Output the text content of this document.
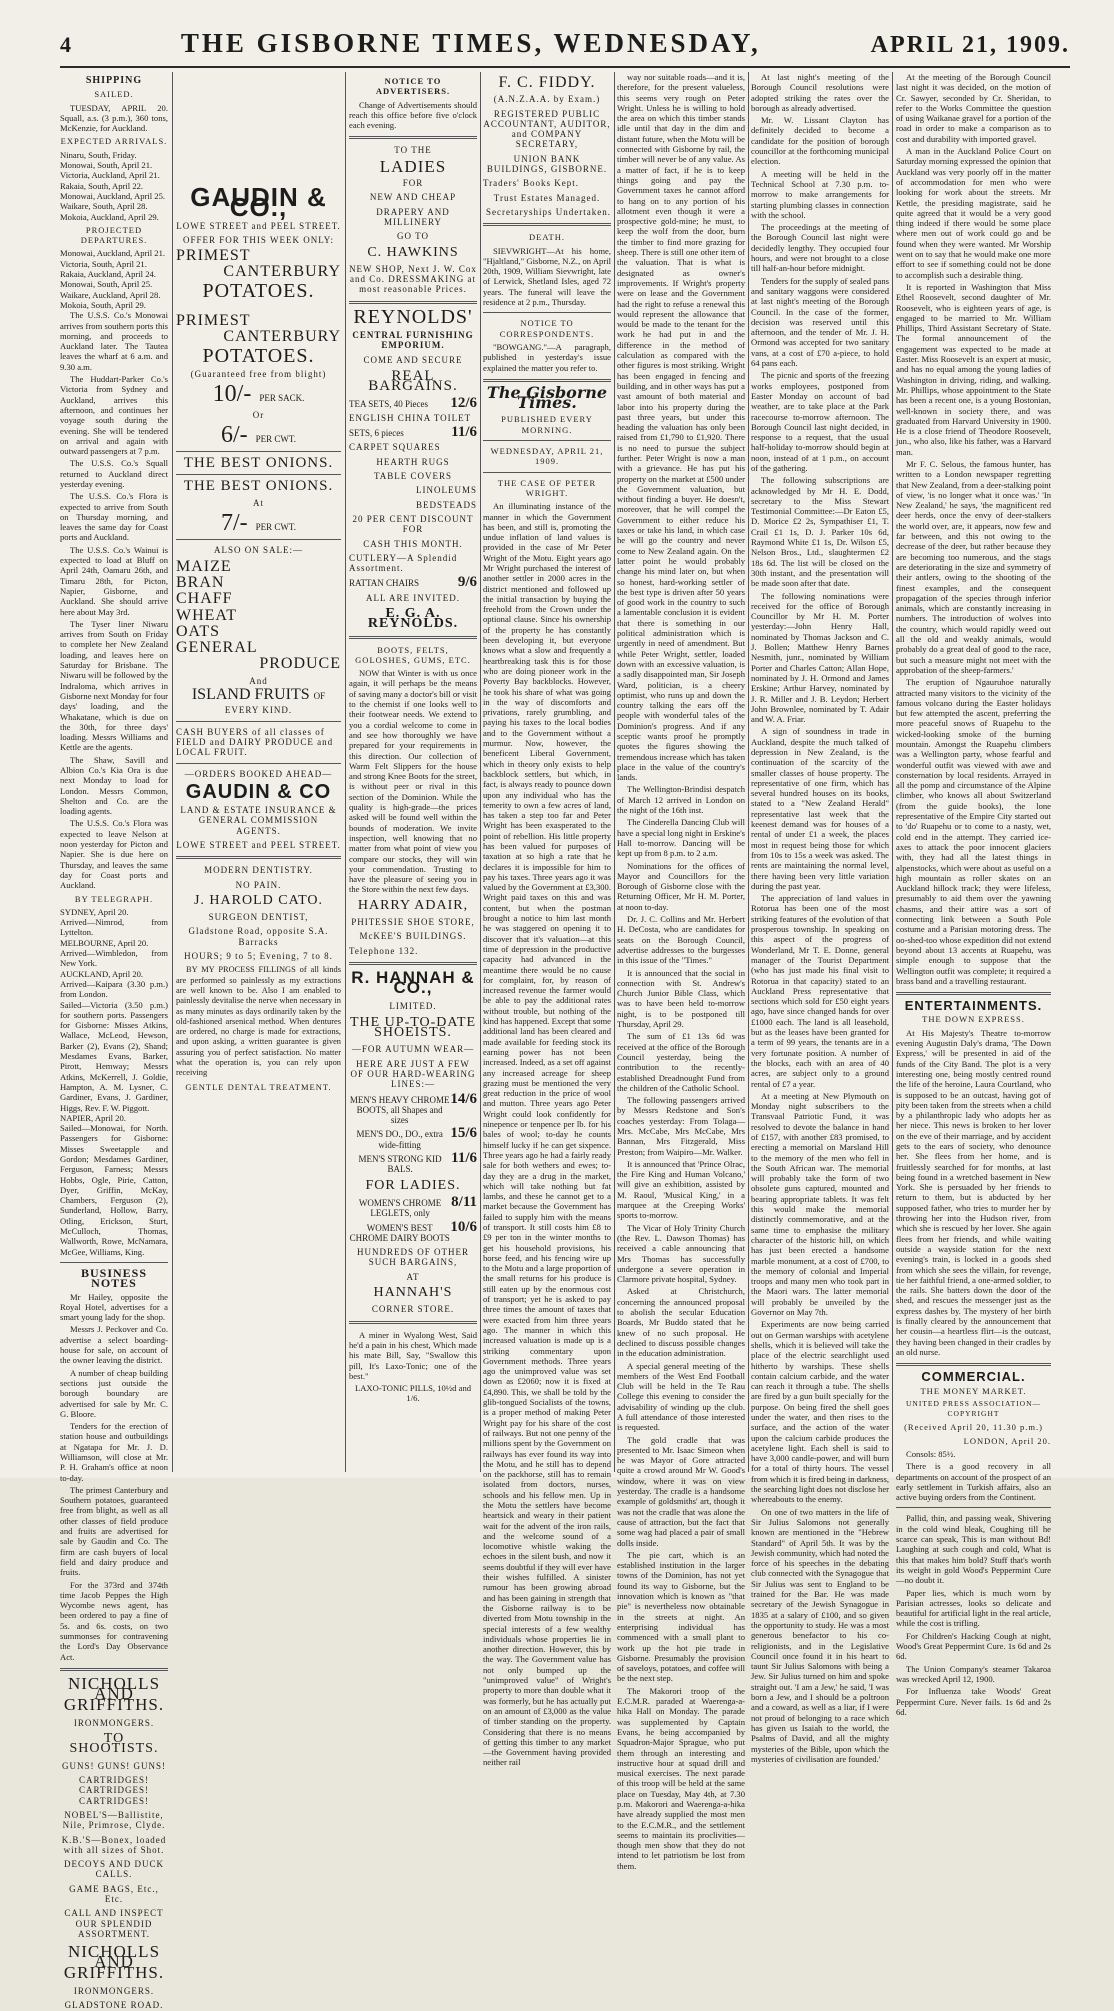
4	THE GISBORNE TIMES, WEDNESDAY,	APRIL 21, 1909.
SHIPPING
SAILED.

TUESDAY, APRIL 20. Squall, a.s. (3 p.m.), 360 tons, McKenzie, for Auckland.

EXPECTED ARRIVALS.
Ninaru, South, Friday.
Monowai, South, April 21.
Victoria, Auckland, April 21.
Rakaia, South, April 22.
Monowai, Auckland, April 25.
Waikare, South, April 28.
Mokoia, Auckland, April 29.
PROJECTED DEPARTURES.
Monowai, Auckland, April 21.
Victoria, South, April 21.
Rakaia, Auckland, April 24.
Monowai, South, April 25.
Waikare, Auckland, April 28.
Mokoia, South, April 29.

The U.S.S. Co.'s Monowai arrives from southern ports this morning, and proceeds to Auckland later. The Tautea leaves the wharf at 6 a.m. and 9.30 a.m.

The Huddart-Parker Co.'s Victoria from Sydney and Auckland, arrives this afternoon, and continues her voyage south during the evening. She will be tendered on arrival and again with outward passengers at 7 p.m.

The U.S.S. Co.'s Squall returned to Auckland direct yesterday evening.

The U.S.S. Co.'s Flora is expected to arrive from South on Thursday morning, and leaves the same day for Coast ports and Auckland.

The U.S.S. Co.'s Wainui is expected to load at Bluff on April 24th, Oamaru 26th, and Timaru 28th, for Picton, Napier, Gisborne, and Auckland. She should arrive here about May 3rd.

The Tyser liner Niwaru arrives from South on Friday to complete her New Zealand loading, and leaves here on Saturday for Brisbane. The Niwaru will be followed by the Indraloma, which arrives in Gisborne next Monday for four days' loading, and the Whakatane, which is due on the 30th, for three days' loading. Messrs Williams and Kettle are the agents.

The Shaw, Savill and Albion Co.'s Kia Ora is due next Monday to load for London. Messrs Common, Shelton and Co. are the loading agents.

The U.S.S. Co.'s Flora was expected to leave Nelson at noon yesterday for Picton and Napier. She is due here on Thursday, and leaves the same day for Coast ports and Auckland.

BY TELEGRAPH.
SYDNEY, April 20.
Arrived—Nimrod, from Lyttelton.
MELBOURNE, April 20.
Arrived—Wimbledon, from New York.
AUCKLAND, April 20.
Arrived—Kaipara (3.30 p.m.) from London.
Sailed—Victoria (3.50 p.m.) for southern ports. Passengers for Gisborne: Misses Atkins, Wallace, McLeod, Hewson, Barker (2), Evans (2), Shand; Mesdames Evans, Barker, Pirott, Hemway; Messrs Atkins, McKerrell, J. Goldie, Hampton, A. M. Lysner, C. Gardiner, Evans, J. Gardiner, Higgs, Rev. F. W. Piggott.
NAPIER, April 20.
Sailed—Monowai, for North. Passengers for Gisborne: Misses Sweetapple and Gordon; Mesdames Gardiner, Ferguson, Farness; Messrs Hobbs, Ogle, Pirie, Catton, Dyer, Griffin, McKay, Chambers, Ferguson (2), Sunderland, Hollow, Barry, Otling, Erickson, Sturt, McCulloch, Thomas, Wallworth, Rowe, McNamara, McGee, Williams, King.
BUSINESS NOTES

Mr Hailey, opposite the Royal Hotel, advertises for a smart young lady for the shop.

Messrs J. Peckover and Co. advertise a select boarding-house for sale, on account of the owner leaving the district.

A number of cheap building sections just outside the borough boundary are advertised for sale by Mr. C. G. Bloore.

Tenders for the erection of station house and outbuildings at Ngatapa for Mr. J. D. Williamson, will close at Mr. P. H. Graham's office at noon to-day.

The primest Canterbury and Southern potatoes, guaranteed free from blight, as well as all other classes of field produce and fruits are advertised for sale by Gaudin and Co. The firm are cash buyers of local field and dairy produce and fruits.

For the 373rd and 374th time Jacob Peppes the High Wycombe news agent, has been ordered to pay a fine of 5s. and 6s. costs, on two summonses for contravening the Lord's Day Observance Act.

NICHOLLS AND GRIFFITHS.
IRONMONGERS.
TO SHOOTISTS.
GUNS! GUNS! GUNS!
CARTRIDGES! CARTRIDGES! CARTRIDGES!
NOBEL'S—Ballistite, Nile, Primrose, Clyde.
K.B.'S—Bonex, loaded with all sizes of Shot.
DECOYS AND DUCK CALLS.
GAME BAGS, Etc., Etc.
CALL AND INSPECT OUR SPLENDID ASSORTMENT.
NICHOLLS AND GRIFFITHS.
IRONMONGERS.
GLADSTONE ROAD.
GAUDIN & CO.,
LOWE STREET and PEEL STREET.
OFFER FOR THIS WEEK ONLY:
PRIMEST
CANTERBURY
POTATOES.
PRIMEST
CANTERBURY
POTATOES.
(Guaranteed free from blight)
10/- PER SACK.
Or
6/- PER CWT.
THE BEST ONIONS.
THE BEST ONIONS.
At
7/- PER CWT.
ALSO ON SALE:—
MAIZE
BRAN
CHAFF
WHEAT
OATS
GENERAL
PRODUCE
And
ISLAND FRUITS OF
EVERY KIND.
CASH BUYERS of all classes of FIELD and DAIRY PRODUCE and LOCAL FRUIT.
—ORDERS BOOKED AHEAD—
GAUDIN & CO
LAND & ESTATE INSURANCE & GENERAL COMMISSION AGENTS.
LOWE STREET and PEEL STREET.
MODERN DENTISTRY.
NO PAIN.
J. HAROLD CATO.
SURGEON DENTIST,
Gladstone Road, opposite S.A. Barracks
HOURS; 9 to 5; Evening, 7 to 8.

BY MY PROCESS FILLINGS of all kinds are performed so painlessly as my extractions are well known to be. Also I am enabled to painlessly devitalise the nerve when necessary in as many minutes as days ordinarily taken by the old-fashioned arsenical method. When dentures are ordered, no charge is made for extractions, and upon asking, a written guarantee is given assuring you of perfect satisfaction. No matter what the operation is, you can rely upon receiving

GENTLE DENTAL TREATMENT.
NOTICE TO ADVERTISERS.

Change of Advertisements should reach this office before five o'clock each evening.

TO THE
LADIES
FOR
NEW AND CHEAP
DRAPERY AND MILLINERY
GO TO
C. HAWKINS
NEW SHOP, Next J. W. Cox and Co. DRESSMAKING at most reasonable Prices.
REYNOLDS'
CENTRAL FURNISHING EMPORIUM.
COME AND SECURE
REAL BARGAINS.
TEA SETS, 40 Pieces 12/6
ENGLISH CHINA TOILET
SETS, 6 pieces	11/6
CARPET SQUARES
HEARTH RUGS
TABLE COVERS
LINOLEUMS
BEDSTEADS
20 PER CENT DISCOUNT FOR
CASH THIS MONTH.
CUTLERY—A Splendid Assortment.
RATTAN CHAIRS	9/6
ALL ARE INVITED.
E. G. A. REYNOLDS.
BOOTS, FELTS, GOLOSHES, GUMS, ETC.

NOW that Winter is with us once again, it will perhaps be the means of saving many a doctor's bill or visit to the chemist if one looks well to their footwear needs. We extend to you a cordial welcome to come in and see how thoroughly we have prepared for your requirements in this direction. Our collection of Warm Felt Slippers for the house and strong Knee Boots for the street, is without peer or rival in this section of the Dominion. While the quality is high-grade—the prices asked will be found well within the bounds of moderation. We invite inspection, well knowing that no matter from what point of view you compare our stocks, they will win your commendation. Trusting to have the pleasure of seeing you in the Store within the next few days.

HARRY ADAIR,
PHITESSIE SHOE STORE,
McKEE'S BUILDINGS.
Telephone 132.
R. HANNAH & CO.,
LIMITED.
THE UP-TO-DATE SHOEISTS.
—FOR AUTUMN WEAR—
HERE ARE JUST A FEW OF OUR HARD-WEARING LINES:—
MEN'S HEAVY CHROME BOOTS, all Shapes and sizes
14/6
MEN'S DO., DO., extra wide-fitting
15/6
MEN'S STRONG KID BALS.
11/6
FOR LADIES.
WOMEN'S CHROME LEGLETS, only
8/11
WOMEN'S BEST CHROME DAIRY BOOTS
10/6
HUNDREDS OF OTHER SUCH BARGAINS,
AT
HANNAH'S
CORNER STORE.

A miner in Wyalong West, Said he'd a pain in his chest, Which made his mate Bill, Say, "Swallow this pill, It's Laxo-Tonic; one of the best."

LAXO-TONIC PILLS, 10½d and 1/6.
F. C. FIDDY.
(A.N.Z.A.A. by Exam.)
REGISTERED PUBLIC ACCOUNTANT, AUDITOR, and COMPANY SECRETARY,
UNION BANK BUILDINGS, GISBORNE.
Traders' Books Kept.
Trust Estates Managed.
Secretaryships Undertaken.
DEATH.

SIEVWRIGHT—At his home, "Hjaltland," Gisborne, N.Z., on April 20th, 1909, William Sievwright, late of Lerwick, Shetland Isles, aged 72 years. The funeral will leave the residence at 2 p.m., Thursday.

NOTICE TO CORRESPONDENTS.

"BOWGANG."—A paragraph, published in yesterday's issue explained the matter you refer to.

The Gisborne Times.
PUBLISHED EVERY MORNING.
WEDNESDAY, APRIL 21, 1909.
THE CASE OF PETER WRIGHT.

An illuminating instance of the manner in which the Government has been, and still is, promoting the undue inflation of land values is provided in the case of Mr Peter Wright of the Motu. Eight years ago Mr Wright purchased the interest of another settler in 2000 acres in the district mentioned and followed up the initial transaction by buying the freehold from the Crown under the optional clause. Since his ownership of the property he has constantly been developing it, but everyone knows what a slow and frequently a heartbreaking task this is for those who are doing pioneer work in the Poverty Bay backblocks. However, he took his share of what was going in the way of discomforts and privations, rarely grumbling, and paying his taxes to the local bodies and to the Government without a murmur. Now, however, the beneficent Liberal Government, which in theory only exists to help backblock settlers, but which, in fact, is always ready to pounce down upon any individual who has the temerity to own a few acres of land, has taken a step too far and Peter Wright has been exasperated to the point of rebellion. His little property has been valued for purposes of taxation at so high a rate that he declares it is impossible for him to pay his taxes. Three years ago it was valued by the Government at £3,300. Wright paid taxes on this and was content, but when the postman brought a notice to him last month he was staggered on opening it to discover that it's valuation—at this time of depression in the productive capacity had advanced in the meantime there would be no cause for complaint, for, by reason of increased revenue the farmer would be able to pay the additional rates without trouble, but nothing of the kind has happened. Except that some additional land has been cleared and made available for feeding stock its earning power has not been increased. Indeed, as a set off against any increased acreage for sheep grazing must be mentioned the very great reduction in the price of wool and mutton. Three years ago Peter Wright could look confidently for ninepence or tenpence per lb. for his bales of wool; to-day he counts himself lucky if he can get sixpence. Three years ago he had a fairly ready sale for both wethers and ewes; to-day they are a drug in the market, which will take nothing but fat lambs, and these he cannot get to a market because the Government has failed to supply him with the means of transport. It still costs him £8 to £9 per ton in the winter months to get his household provisions, his horse feed, and his fencing wire up to the Motu and a large proportion of the small returns for his produce is still eaten up by the enormous cost of transport; yet he is asked to pay three times the amount of taxes that were exacted from him three years ago. The manner in which this increased valuation is made up is a striking commentary upon Government methods. Three years ago the unimproved value was set down as £2060; now it is fixed at £4,890. This, we shall be told by the glib-tongued Socialists of the towns, is a proper method of making Peter Wright pay for his share of the cost of railways. But not one penny of the millions spent by the Government on railways has ever found its way into the Motu, and he still has to depend on the packhorse, still has to remain isolated from doctors, nurses, schools and his fellow men. Up in the Motu the settlers have become heartsick and weary in their patient wait for the advent of the iron rails, and the welcome sound of a locomotive whistle waking the echoes in the silent bush, and now it seems doubtful if they will ever have their wishes fulfilled. A sinister rumour has been growing abroad and has been gaining in strength that the Gisborne railway is to be diverted from Motu township in the special interests of a few wealthy individuals whose properties lie in another direction. However, this by the way. The Government value has not only bumped up the "unimproved value" of Wright's property to more than double what it was formerly, but he has actually put on an amount of £3,000 as the value of timber standing on the property. Considering that there is no means of getting this timber to any market—the Government having provided neither rail

way nor suitable roads—and it is, therefore, for the present valueless, this seems very rough on Peter Wright. Unless he is willing to hold the area on which this timber stands idle until that day in the dim and distant future, when the Motu will be connected with Gisborne by rail, the timber will never be of any value. As a matter of fact, if he is to keep things going and pay the Government taxes he cannot afford to hang on to any portion of his allotment even though it were a prospective gold-mine; he must, to keep the wolf from the door, burn the timber to find more grazing for sheep. There is still one other item of the valuation. That is what is designated as owner's improvements. If Wright's property were on lease and the Government had the right to refuse a renewal this would represent the allowance that would be made to the tenant for the work he had put in and the difference in the method of calculation as compared with the other figures is most striking. Wright has been engaged in fencing and building, and in other ways has put a vast amount of both material and labor into his property during the past three years, but under this heading the valuation has only been raised from £1,790 to £1,920. There is no need to pursue the subject further. Peter Wright is now a man with a grievance. He has put his property on the market at £500 under the Government valuation, but without finding a buyer. He doesn't, moreover, that he will compel the Government to either reduce his taxes or take his land, in which case he will go the country and never come to New Zealand again. On the latter point he would probably change his mind later on, but when so honest, hard-working settler of the best type is driven after 50 years of good work in the country to such a lamentable conclusion it is evident that there is something in our political administration which is urgently in need of amendment. But while Peter Wright, settler, loaded down with an excessive valuation, is a sadly disappointed man, Sir Joseph Ward, politician, is a cheery optimist, who runs up and down the country talking the ears off the people with wonderful tales of the Dominion's progress. And if any sceptic wants proof he promptly quotes the figures showing the tremendous increase which has taken place in the value of the country's lands.

The Wellington-Brindisi despatch of March 12 arrived in London on the night of the 16th inst.

The Cinderella Dancing Club will have a special long night in Erskine's Hall to-morrow. Dancing will be kept up from 8 p.m. to 2 a.m.

Nominations for the offices of Mayor and Councillors for the Borough of Gisborne close with the Returning Officer, Mr H. M. Porter, at noon to-day.

Dr. J. C. Collins and Mr. Herbert H. DeCosta, who are candidates for seats on the Borough Council, advertise addresses to the burgesses in this issue of the "Times."

It is announced that the social in connection with St. Andrew's Church Junior Bible Class, which was to have been held to-morrow night, is to be postponed till Thursday, April 29.

The sum of £1 13s 6d was received at the office of the Borough Council yesterday, being the contribution to the recently-established Dreadnought Fund from the children of the Catholic School.

The following passengers arrived by Messrs Redstone and Son's coaches yesterday: From Tolaga—Mrs. McCabe, Mrs McCabe, Mrs Bannan, Mrs Fitzgerald, Miss Preston; from Waipiro—Mr. Walker.

It is announced that 'Prince Olrac, the Fire King and Human Volcano,' will give an exhibition, assisted by M. Raoul, 'Musical King,' in a marquee at the Creeping Works' sports to-morrow.

The Vicar of Holy Trinity Church (the Rev. L. Dawson Thomas) has received a cable announcing that Mrs Thomas has successfully undergone a severe operation in Clarmore private hospital, Sydney.

Asked at Christchurch, concerning the announced proposal to abolish the secular Education Boards, Mr Buddo stated that he knew of no such proposal. He declined to discuss possible changes in the education administration.

A special general meeting of the members of the West End Football Club will be held in the Te Rau College this evening to consider the advisability of winding up the club. A full attendance of those interested is requested.

The gold cradle that was presented to Mr. Isaac Simeon when he was Mayor of Gore attracted quite a crowd around Mr W. Good's window, where it was on view yesterday. The cradle is a handsome example of goldsmiths' art, though it was not the cradle that was alone the cause of attraction, but the fact that some wag had placed a pair of small dolls inside.

The pie cart, which is an established institution in the larger towns of the Dominion, has not yet found its way to Gisborne, but the innovation which is known as "that pie" is nevertheless now obtainable in the streets at night. An enterprising individual has commenced with a small plant to work up the hot pie trade in Gisborne. Presumably the provision of saveloys, potatoes, and coffee will be the next step.

The Makorori troop of the E.C.M.R. paraded at Waerenga-a-hika Hall on Monday. The parade was supplemented by Captain Evans, he being accompanied by Squadron-Major Sprague, who put them through an interesting and instructive hour at squad drill and musical exercises. The next parade of this troop will be held at the same place on Tuesday, May 4th, at 7.30 p.m. Makorori and Waerenga-a-hika have already supplied the most men to the E.C.M.R., and the settlement seems to maintain its proclivities—though men show that they do not intend to let patriotism be lost from them.

At last night's meeting of the Borough Council resolutions were adopted striking the rates over the borough as already advertised.

Mr. W. Lissant Clayton has definitely decided to become a candidate for the position of borough councillor at the forthcoming municipal election.

A meeting will be held in the Technical School at 7.30 p.m. to-morrow to make arrangements for starting plumbing classes in connection with the school.

The proceedings at the meeting of the Borough Council last night were decidedly lengthy. They occupied four hours, and were not brought to a close till half-an-hour before midnight.

Tenders for the supply of sealed pans and sanitary waggons were considered at last night's meeting of the Borough Council. In the case of the former, decision was reserved until this afternoon, and the tender of Mr. J. H. Ormond was accepted for two sanitary vans, at a cost of £70 a-piece, to hold 64 pans each.

The picnic and sports of the freezing works employees, postponed from Easter Monday on account of bad weather, are to take place at the Park racecourse to-morrow afternoon. The Borough Council last night decided, in response to a request, that the usual half-holiday to-morrow should begin at noon, instead of at 1 p.m., on account of the gathering.

The following subscriptions are acknowledged by Mr H. E. Dodd, secretary to the Miss Stewart Testimonial Committee:—Dr Eaton £5, D. Morice £2 2s, Sympathiser £1, T. Crail £1 1s, D. J. Parker 10s 6d, Raymond White £1 1s, Dr. Wilson £5, Nelson Bros., Ltd., slaughtermen £2 18s 6d. The list will be closed on the 30th instant, and the presentation will be made soon after that date.

The following nominations were received for the office of Borough Councillor by Mr H. M. Porter yesterday:—John Henry Hall, nominated by Thomas Jackson and C. J. Bollen; Matthew Henry Barnes Nesmith, junr., nominated by William Porter and Charles Catton; Allan Hope, nominated by J. H. Ormond and James Erskine; Arthur Harvey, nominated by J. R. Miller and J. B. Leydon; Herbert John Brownlee, nominated by T. Adair and W. A. Friar.

A sign of soundness in trade in Auckland, despite the much talked of depression in New Zealand, is the continuation of the scarcity of the smaller classes of house property. The representative of one firm, which has several hundred houses on its books, stated to a "New Zealand Herald" representative last week that the keenest demand was for houses of a rental of under £1 a week, the places most in request being those for which from 10s to 15s a week was asked. The rents are maintaining the normal level, there having been very little variation during the past year.

The appreciation of land values in Rotorua has been one of the most striking features of the evolution of that prosperous township. In speaking on this aspect of the progress of Wonderland, Mr T. E. Donne, general manager of the Tourist Department (who has just made his final visit to Rotorua in that capacity) stated to an Auckland Press representative that sections which sold for £50 eight years ago, have since changed hands for over £1000 each. The land is all leasehold, but as the leases have been granted for a term of 99 years, the tenants are in a very fortunate position. A number of the blocks, each with an area of 40 acres, are subject only to a ground rental of £7 a year.

At a meeting at New Plymouth on Monday night subscribers to the Transvaal Patriotic Fund, it was resolved to devote the balance in hand of £157, with another £83 promised, to erecting a memorial on Marsland Hill to the memory of the men who fell in the South African war. The memorial will probably take the form of two obsolete guns captured, mounted and bearing appropriate tablets. It was felt this would make the memorial distinctly commemorative, and at the same time to emphasise the military character of the historic hill, on which has just been erected a handsome marble monument, at a cost of £700, to the memory of colonial and Imperial troops and many men who took part in the Maori wars. The latter memorial will probably be unveiled by the Governor on May 7th.

Experiments are now being carried out on German warships with acetylene shells, which it is believed will take the place of the electric searchlight used hitherto by warships. These shells contain calcium carbide, and the water can reach it through a tube. The shells are fired by a gun built specially for the purpose. On being fired the shell goes under the water, and then rises to the surface, and the action of the water upon the calcium carbide produces the acetylene light. Each shell is said to have 3,000 candle-power, and will burn for a total of thirty hours. The vessel from which it is fired being in darkness, the searching light does not disclose her whereabouts to the enemy.

On one of two matters in the life of Sir Julius Salomons not generally known are mentioned in the "Hebrew Standard" of April 5th. It was by the Jewish community, which had noted the force of his speeches in the debating club connected with the Synagogue that Sir Julius was sent to England to be trained for the Bar. He was made secretary of the Jewish Synagogue in 1835 at a salary of £100, and so given the opportunity to study. He was a most generous benefactor to his co-religionists, and in the Legislative Council once found it in his heart to taunt Sir Julius Salomons with being a Jew. Sir Julius turned on him and spoke straight out. 'I am a Jew,' he said, 'I was born a Jew, and I should be a poltroon and a coward, as well as a liar, if I were not proud of belonging to a race which has given us Isaiah to the world, the Psalms of David, and all the mighty mysteries of the Bible, upon which the mysteries of civilisation are founded.'

At the meeting of the Borough Council last night it was decided, on the motion of Cr. Sawyer, seconded by Cr. Sheridan, to refer to the Works Committee the question of using Waikanae gravel for a portion of the road in order to make a comparison as to cost and durability with imported gravel.

A man in the Auckland Police Court on Saturday morning expressed the opinion that Auckland was very poorly off in the matter of accommodation for men who were looking for work about the streets. Mr Kettle, the presiding magistrate, said he quite agreed that it would be a very good thing indeed if there would be some place where men out of work could go and be found when they were wanted. Mr Worship went on to say that he would make one more effort to see if something could not be done to accomplish such a desirable thing.

It is reported in Washington that Miss Ethel Roosevelt, second daughter of Mr. Roosevelt, who is eighteen years of age, is engaged to be married to Mr. William Phillips, Third Assistant Secretary of State. The formal announcement of the engagement was expected to be made at Easter. Miss Roosevelt is an expert at music, and has no equal among the young ladies of Washington in driving, riding, and walking. Mr. Phillips, whose appointment to the State has been a recent one, is a young Bostonian, well-known in society there, and was graduated from Harvard University in 1900. He is a close friend of Theodore Roosevelt, jun., who also, like his father, was a Harvard man.

Mr F. C. Selous, the famous hunter, has written to a London newspaper regretting that New Zealand, from a deer-stalking point of view, 'is no longer what it once was.' 'In New Zealand,' he says, 'the magnificent red deer herds, once the envy of deer-stalkers the world over, are, it appears, now few and far between, and this not owing to the decrease of the deer, but rather because they are becoming too numerous, and the stags are deteriorating in the size and symmetry of their antlers, owing to the shooting of the finest examples, and the consequent propagation of the species through inferior animals, which are constantly increasing in numbers. The introduction of wolves into the country, which would rapidly weed out all the old and weakly animals, would probably do a great deal of good to the race, but such a measure might not meet with the approbation of the sheep-farmers.'

The eruption of Ngauruhoe naturally attracted many visitors to the vicinity of the famous volcano during the Easter holidays but few attempted the ascent, preferring the more peaceful snows of Ruapehu to the wicked-looking smoke of the burning mountain. Amongst the Ruapehu climbers was a Wellington party, whose fearful and wonderful outfit was viewed with awe and consternation by local residents. Arrayed in all the pomp and circumstance of the Alpine climber, who knows all about Switzerland (from the guide books), the lone representative of the Empire City started out to 'do' Ruapehu or to come to a nasty, wet, cold end in the attempt. They carried ice-axes to attack the poor innocent glaciers with, they had all the latest things in alpenstocks, which were about as useful on a high mountain as roller skates on an Auckland hillock track; they were lifeless, presumably to aid them over the yawning chasms, and their attire was a sort of connecting link between a South Pole costume and a Parisian motoring dress. The oo-shed-too whose expedition did not extend beyond about 13 accents at Ruapehu, was simple enough to suppose that the Wellington outfit was complete; it required a brass band and a travelling restaurant.

ENTERTAINMENTS.
THE DOWN EXPRESS.

At His Majesty's Theatre to-morrow evening Augustin Daly's drama, 'The Down Express,' will be presented in aid of the funds of the City Band. The plot is a very interesting one, being mostly centred round the life of the heroine, Laura Courtland, who is supposed to be an outcast, having got of pity been taken from the streets when a child by a philanthropic lady who adopts her as her niece. This news is broken to her lover on the eve of their marriage, and by accident gets to the ears of society, who denounce her. She flees from her home, and is fruitlessly searched for for months, at last being found in a wretched basement in New York. She is persuaded by her friends to return to them, but is abducted by her supposed father, who tries to murder her by throwing her into the Hudson river, from which she is rescued by her lover. She again flees from her friends, and while waiting outside a wayside station for the next evening's train, is locked in a goods shed from which she sees the villain, for revenge, tie her faithful friend, a one-armed soldier, to the rails. She batters down the door of the shed, and rescues the messenger just as the express dashes by. The mystery of her birth is finally cleared by the announcement that her cousin—a heartless flirt—is the outcast, they having been changed in their cradles by an old nurse.

COMMERCIAL.
THE MONEY MARKET.
UNITED PRESS ASSOCIATION—COPYRIGHT
(Received April 20, 11.30 p.m.)
LONDON, April 20.

Consols: 85½.

There is a good recovery in all departments on account of the prospect of an early settlement in Turkish affairs, also an active buying orders from the Continent.

Pallid, thin, and passing weak, Shivering in the cold wind bleak, Coughing till he scarce can speak, This is man without Bd! Laughing at such cough and cold, What is this that makes him bold? Stuff that's worth its weight in gold Wood's Peppermint Cure—no doubt it.

Paper lies, which is much worn by Parisian actresses, looks so delicate and beautiful for artificial light in the real article, while the cost is trifling.

For Children's Hacking Cough at night, Wood's Great Peppermint Cure. 1s 6d and 2s 6d.

The Union Company's steamer Takaroa was wrecked April 12, 1900.

For Influenza take Woods' Great Peppermint Cure. Never fails. 1s 6d and 2s 6d.
